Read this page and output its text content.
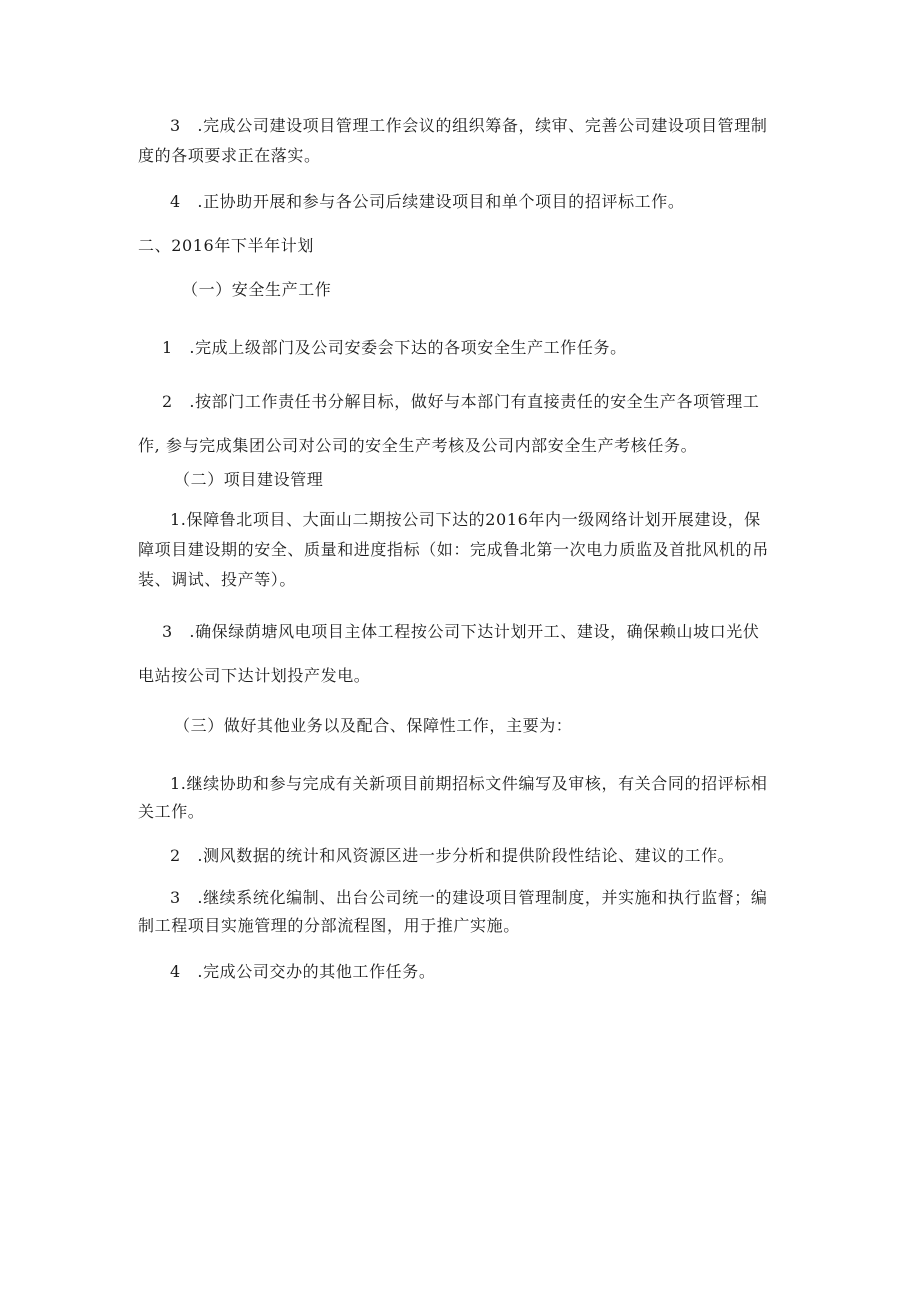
3　.完成公司建设项目管理工作会议的组织筹备，续审、完善公司建设项目管理制
度的各项要求正在落实。
4　.正协助开展和参与各公司后续建设项目和单个项目的招评标工作。
二、2016年下半年计划
（一）安全生产工作
1　.完成上级部门及公司安委会下达的各项安全生产工作任务。
2　.按部门工作责任书分解目标，做好与本部门有直接责任的安全生产各项管理工
作, 参与完成集团公司对公司的安全生产考核及公司内部安全生产考核任务。
（二）项目建设管理
1.保障鲁北项目、大面山二期按公司下达的2016年内一级网络计划开展建设，保
障项目建设期的安全、质量和进度指标（如：完成鲁北第一次电力质监及首批风机的吊
装、调试、投产等）。
3　.确保绿荫塘风电项目主体工程按公司下达计划开工、建设，确保赖山坡口光伏
电站按公司下达计划投产发电。
（三）做好其他业务以及配合、保障性工作，主要为：
1.继续协助和参与完成有关新项目前期招标文件编写及审核，有关合同的招评标相
关工作。
2　.测风数据的统计和风资源区进一步分析和提供阶段性结论、建议的工作。
3　.继续系统化编制、出台公司统一的建设项目管理制度，并实施和执行监督；编
制工程项目实施管理的分部流程图，用于推广实施。
4　.完成公司交办的其他工作任务。
